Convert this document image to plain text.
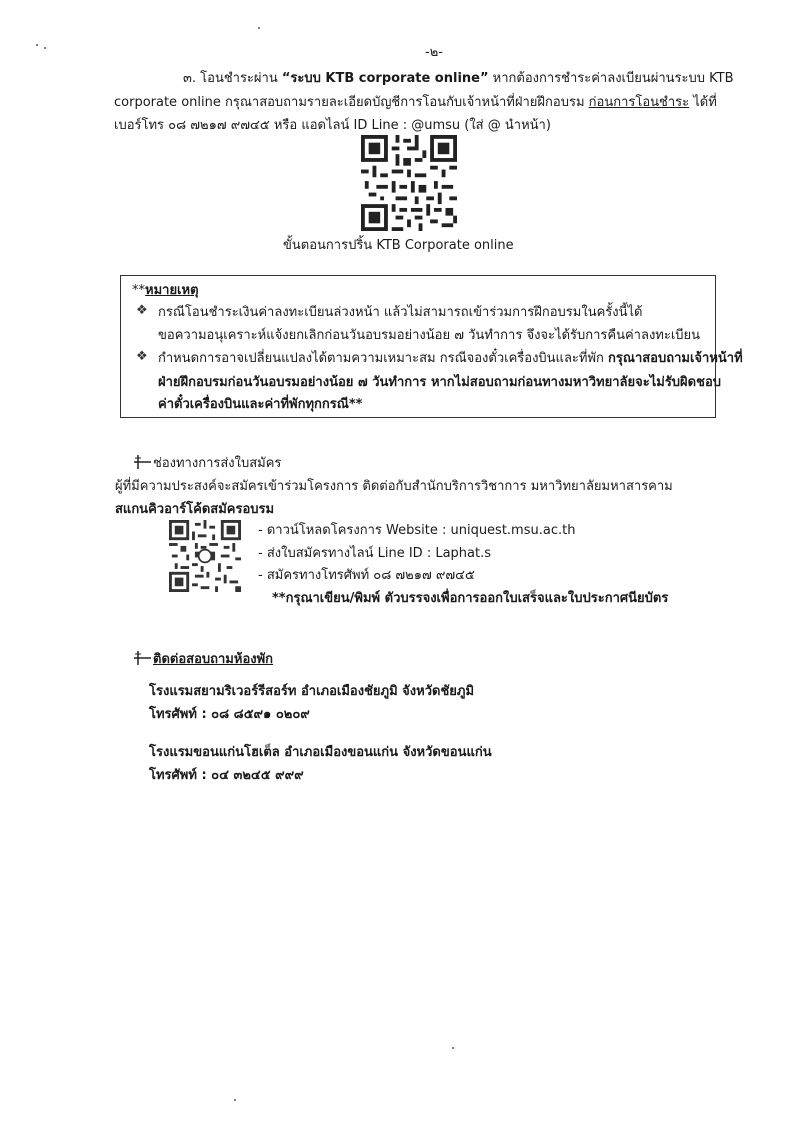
-๒-
๓. โอนชำระผ่าน “ระบบ KTB corporate online” หากต้องการชำระค่าลงเบียนผ่านระบบ KTB
corporate online กรุณาสอบถามรายละเอียดบัญชีการโอนกับเจ้าหน้าที่ฝ่ายฝึกอบรม ก่อนการโอนชำระ ได้ที่
เบอร์โทร ๐๘ ๗๒๑๗ ๙๗๔๕ หรือ แอดไลน์ ID Line : @umsu (ใส่ @ นำหน้า)
ขั้นตอนการปริ้น KTB Corporate online
**หมายเหตุ
❖ กรณีโอนชำระเงินค่าลงทะเบียนล่วงหน้า แล้วไม่สามารถเข้าร่วมการฝึกอบรมในครั้งนี้ได้
ขอความอนุเคราะห์แจ้งยกเลิกก่อนวันอบรมอย่างน้อย ๗ วันทำการ จึงจะได้รับการคืนค่าลงทะเบียน
❖ กำหนดการอาจเปลี่ยนแปลงได้ตามความเหมาะสม กรณีจองตั๋วเครื่องบินและที่พัก กรุณาสอบถามเจ้าหน้าที่
ฝ่ายฝึกอบรมก่อนวันอบรมอย่างน้อย ๗ วันทำการ หากไม่สอบถามก่อนทางมหาวิทยาลัยจะไม่รับผิดชอบ
ค่าตั๋วเครื่องบินและค่าที่พักทุกกรณี**
ช่องทางการส่งใบสมัคร
ผู้ที่มีความประสงค์จะสมัครเข้าร่วมโครงการ ติดต่อกับสำนักบริการวิชาการ มหาวิทยาลัยมหาสารคาม
สแกนคิวอาร์โค้ดสมัครอบรม
- ดาวน์โหลดโครงการ Website : uniquest.msu.ac.th
- ส่งใบสมัครทางไลน์ Line ID : Laphat.s
- สมัครทางโทรศัพท์ ๐๘ ๗๒๑๗ ๙๗๔๕
**กรุณาเขียน/พิมพ์ ตัวบรรจงเพื่อการออกใบเสร็จและใบประกาศนียบัตร
ติดต่อสอบถามห้องพัก
โรงแรมสยามริเวอร์รีสอร์ท อำเภอเมืองชัยภูมิ จังหวัดชัยภูมิ
โทรศัพท์ : ๐๘ ๘๕๙๑ ๐๒๐๙
โรงแรมขอนแก่นโฮเต็ล อำเภอเมืองขอนแก่น จังหวัดขอนแก่น
โทรศัพท์ : ๐๔ ๓๒๔๕ ๙๙๙
